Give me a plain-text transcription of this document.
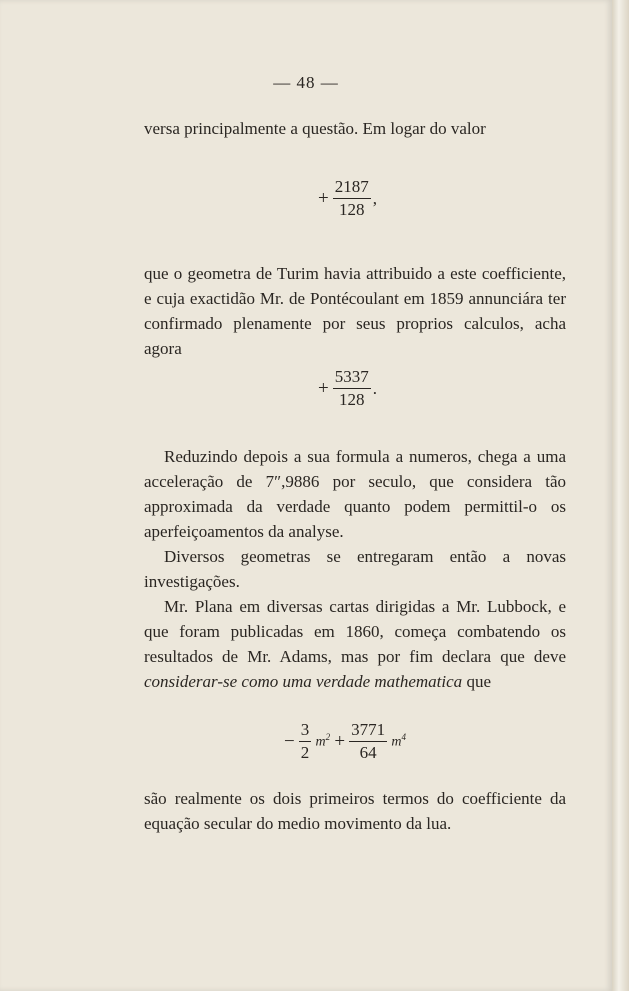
— 48 —
versa principalmente a questão. Em logar do valor
+ $\frac{2187}{128}$ ,
que o geometra de Turim havia attribuido a este coefficiente, e cuja exactidão Mr. de Pontécoulant em 1859 annunciára ter confirmado plenamente por seus proprios calculos, acha agora
+ $\frac{5337}{128}$ .
Reduzindo depois a sua formula a numeros, chega a uma acceleração de 7″,9886 por seculo, que considera tão approximada da verdade quanto podem permittil-o os aperfeiçoamentos da analyse.
Diversos geometras se entregaram então a novas investigações.
Mr. Plana em diversas cartas dirigidas a Mr. Lubbock, e que foram publicadas em 1860, começa combatendo os resultados de Mr. Adams, mas por fim declara que deve considerar-se como uma verdade mathematica que
− $\frac{3}{2} m^2 + \frac{3771}{64} m^4$
são realmente os dois primeiros termos do coefficiente da equação secular do medio movimento da lua.
